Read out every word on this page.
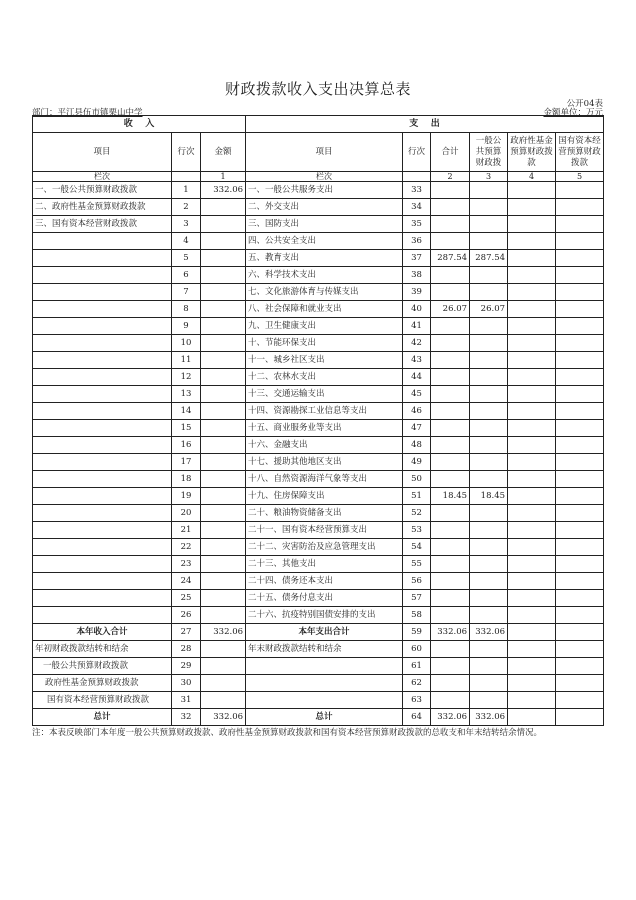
财政拨款收入支出决算总表
公开04表
部门：平江县伍市镇栗山中学	金额单位：万元
收    入			支    出					
项目	行次	金额	项目	行次	合计	一般公共预算财政拨	政府性基金预算财政拨款	国有资本经营预算财政拨款
栏次		1	栏次		2	3	4	5
一、一般公共预算财政拨款	1	332.06	一、一般公共服务支出	33				
二、政府性基金预算财政拨款	2		二、外交支出	34				
三、国有资本经营财政拨款	3		三、国防支出	35				
	4		四、公共安全支出	36				
	5		五、教育支出	37	287.54	287.54		
	6		六、科学技术支出	38				
	7		七、文化旅游体育与传媒支出	39				
	8		八、社会保障和就业支出	40	26.07	26.07		
	9		九、卫生健康支出	41				
	10		十、节能环保支出	42				
	11		十一、城乡社区支出	43				
	12		十二、农林水支出	44				
	13		十三、交通运输支出	45				
	14		十四、资源勘探工业信息等支出	46				
	15		十五、商业服务业等支出	47				
	16		十六、金融支出	48				
	17		十七、援助其他地区支出	49				
	18		十八、自然资源海洋气象等支出	50				
	19		十九、住房保障支出	51	18.45	18.45		
	20		二十、粮油物资储备支出	52				
	21		二十一、国有资本经营预算支出	53				
	22		二十二、灾害防治及应急管理支出	54				
	23		二十三、其他支出	55				
	24		二十四、债务还本支出	56				
	25		二十五、债务付息支出	57				
	26		二十六、抗疫特别国债安排的支出	58				
本年收入合计	27	332.06	本年支出合计	59	332.06	332.06		
年初财政拨款结转和结余	28		年末财政拨款结转和结余	60				
一般公共预算财政拨款	29			61				
政府性基金预算财政拨款	30			62				
国有资本经营预算财政拨款	31			63				
总计	32	332.06	总计	64	332.06	332.06		
注：本表反映部门本年度一般公共预算财政拨款、政府性基金预算财政拨款和国有资本经营预算财政拨款的总收支和年末结转结余情况。
